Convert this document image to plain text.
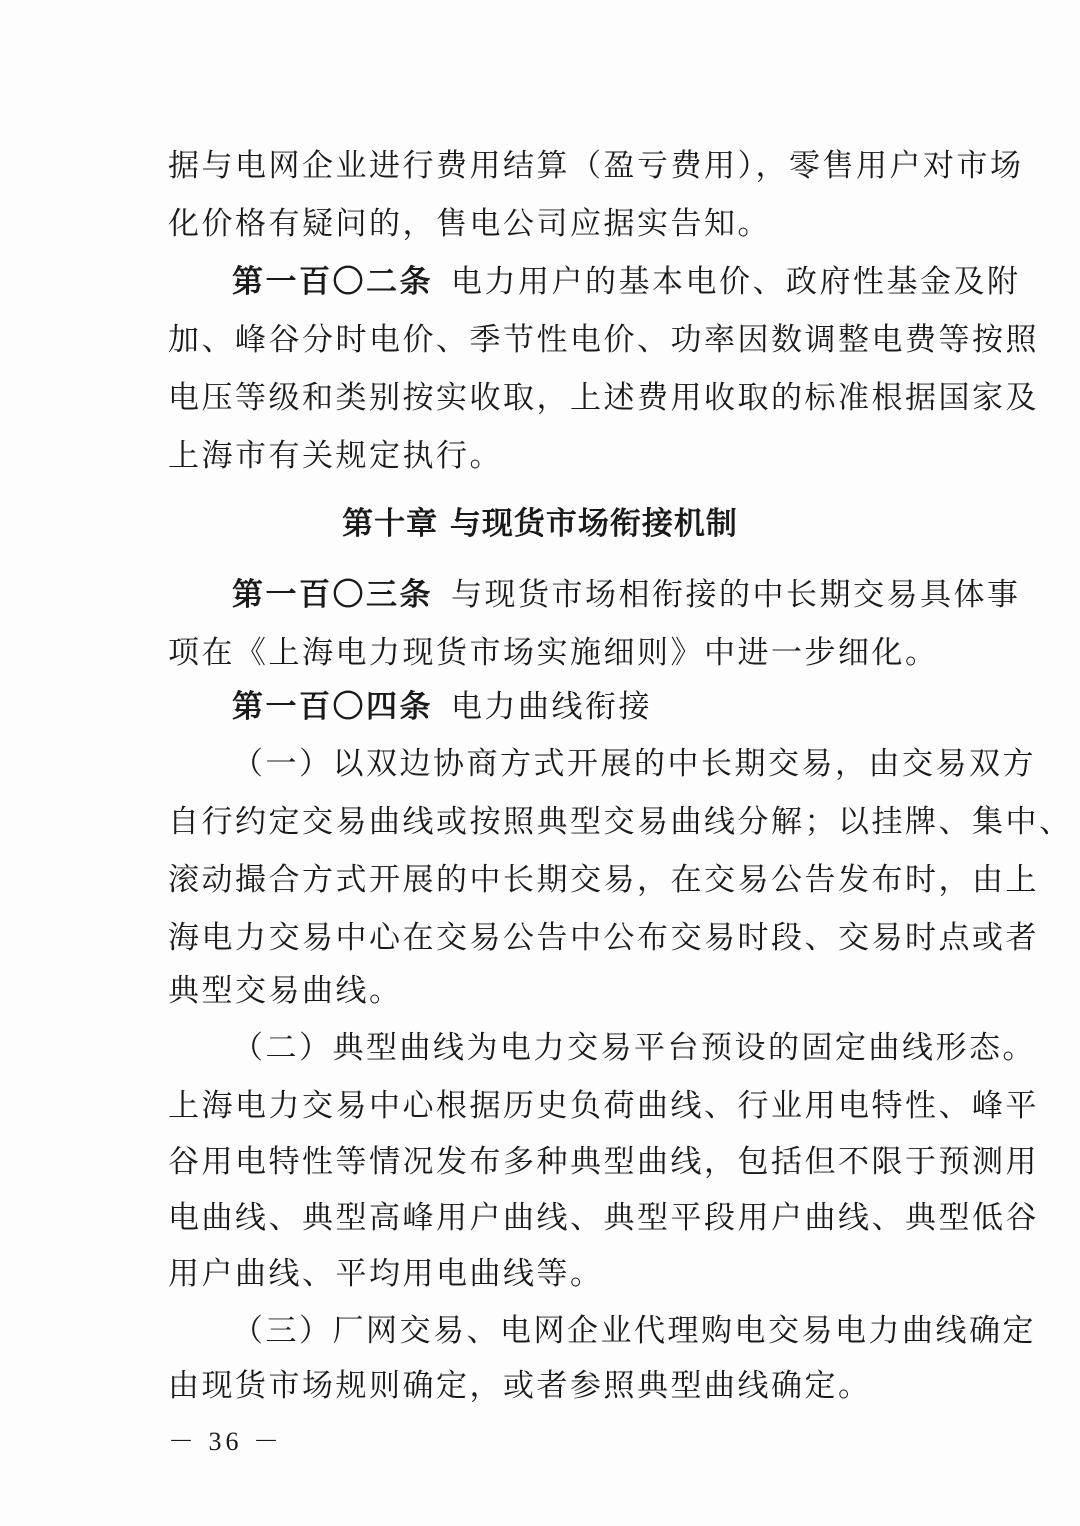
据与电网企业进行费用结算（盈亏费用），零售用户对市场
化价格有疑问的，售电公司应据实告知。
第一百〇二条 电力用户的基本电价、政府性基金及附
加、峰谷分时电价、季节性电价、功率因数调整电费等按照
电压等级和类别按实收取，上述费用收取的标准根据国家及
上海市有关规定执行。
第十章 与现货市场衔接机制
第一百〇三条 与现货市场相衔接的中长期交易具体事
项在《上海电力现货市场实施细则》中进一步细化。
第一百〇四条 电力曲线衔接
（一）以双边协商方式开展的中长期交易，由交易双方
自行约定交易曲线或按照典型交易曲线分解；以挂牌、集中、
滚动撮合方式开展的中长期交易，在交易公告发布时，由上
海电力交易中心在交易公告中公布交易时段、交易时点或者
典型交易曲线。
（二）典型曲线为电力交易平台预设的固定曲线形态。
上海电力交易中心根据历史负荷曲线、行业用电特性、峰平
谷用电特性等情况发布多种典型曲线，包括但不限于预测用
电曲线、典型高峰用户曲线、典型平段用户曲线、典型低谷
用户曲线、平均用电曲线等。
（三）厂网交易、电网企业代理购电交易电力曲线确定
由现货市场规则确定，或者参照典型曲线确定。
－ 36 －
